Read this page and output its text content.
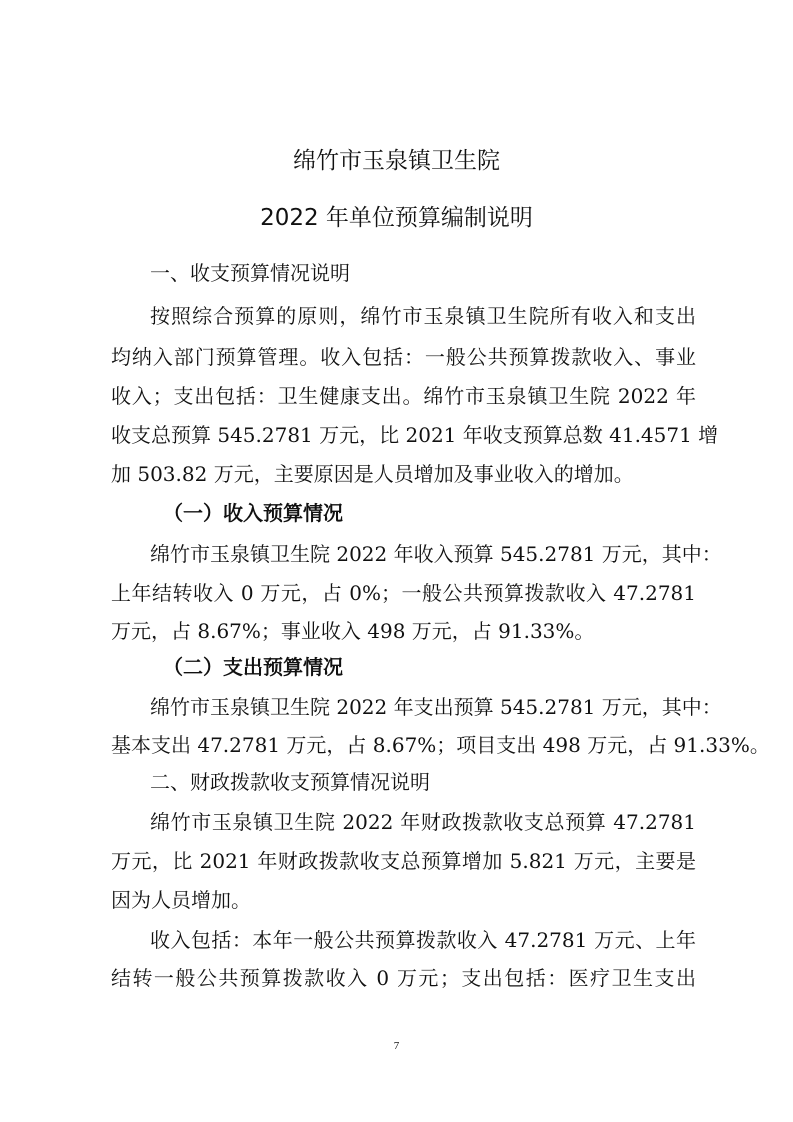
绵竹市玉泉镇卫生院
2022 年单位预算编制说明
一、收支预算情况说明
按照综合预算的原则，绵竹市玉泉镇卫生院所有收入和支出
均纳入部门预算管理。收入包括：一般公共预算拨款收入、事业
收入；支出包括：卫生健康支出。绵竹市玉泉镇卫生院 2022 年
收支总预算 545.2781 万元，比 2021 年收支预算总数 41.4571 增
加 503.82 万元，主要原因是人员增加及事业收入的增加。
（一）收入预算情况
绵竹市玉泉镇卫生院 2022 年收入预算 545.2781 万元，其中：
上年结转收入 0 万元，占 0%；一般公共预算拨款收入 47.2781
万元，占 8.67%；事业收入 498 万元，占 91.33%。
（二）支出预算情况
绵竹市玉泉镇卫生院 2022 年支出预算 545.2781 万元，其中：
基本支出 47.2781 万元，占 8.67%；项目支出 498 万元，占 91.33%。
二、财政拨款收支预算情况说明
绵竹市玉泉镇卫生院 2022 年财政拨款收支总预算 47.2781
万元，比 2021 年财政拨款收支总预算增加 5.821 万元，主要是
因为人员增加。
收入包括：本年一般公共预算拨款收入 47.2781 万元、上年
结转一般公共预算拨款收入 0 万元；支出包括：医疗卫生支出
7
